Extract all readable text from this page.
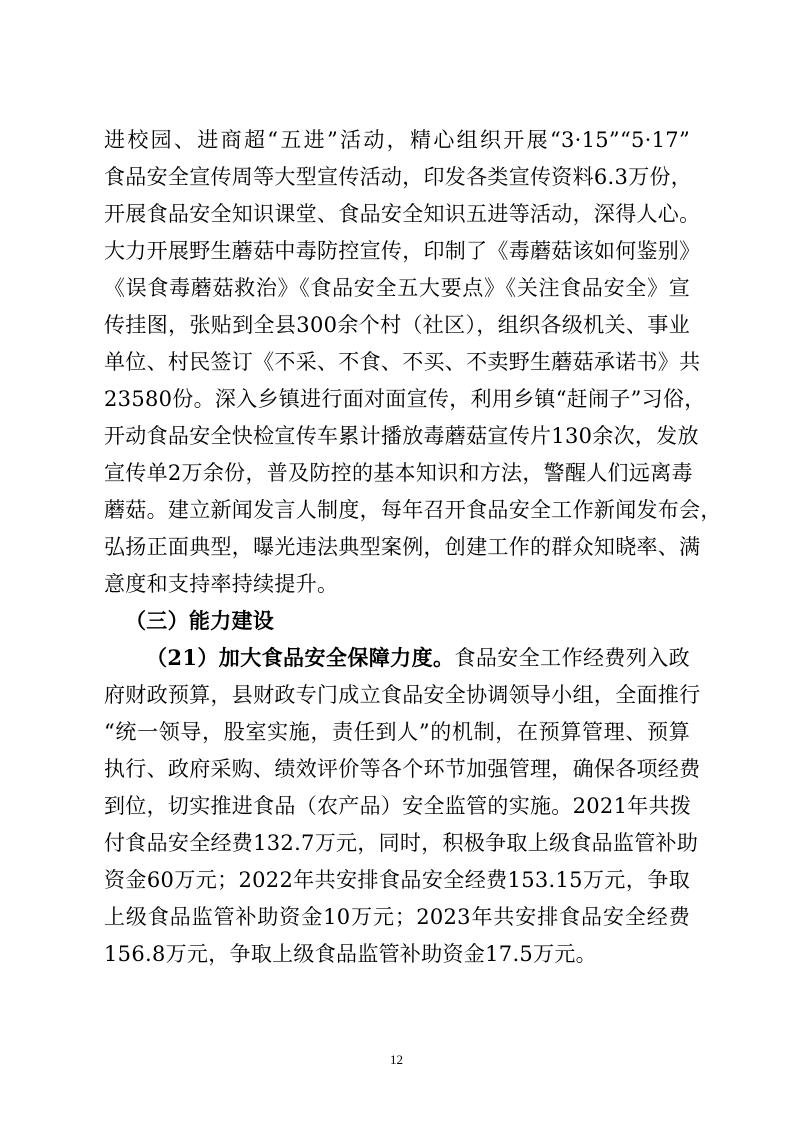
进校园、进商超“五进”活动，精心组织开展“3·15”“5·17”
食品安全宣传周等大型宣传活动，印发各类宣传资料6.3万份，
开展食品安全知识课堂、食品安全知识五进等活动，深得人心。
大力开展野生蘑菇中毒防控宣传，印制了《毒蘑菇该如何鉴别》
《误食毒蘑菇救治》《食品安全五大要点》《关注食品安全》宣
传挂图，张贴到全县300余个村（社区），组织各级机关、事业
单位、村民签订《不采、不食、不买、不卖野生蘑菇承诺书》共
23580份。深入乡镇进行面对面宣传，利用乡镇“赶闹子”习俗，
开动食品安全快检宣传车累计播放毒蘑菇宣传片130余次，发放
宣传单2万余份，普及防控的基本知识和方法，警醒人们远离毒
蘑菇。建立新闻发言人制度，每年召开食品安全工作新闻发布会，
弘扬正面典型，曝光违法典型案例，创建工作的群众知晓率、满
意度和支持率持续提升。
（三）能力建设
（21）加大食品安全保障力度。食品安全工作经费列入政
府财政预算，县财政专门成立食品安全协调领导小组，全面推行
“统一领导，股室实施，责任到人”的机制，在预算管理、预算
执行、政府采购、绩效评价等各个环节加强管理，确保各项经费
到位，切实推进食品（农产品）安全监管的实施。2021年共拨
付食品安全经费132.7万元，同时，积极争取上级食品监管补助
资金60万元；2022年共安排食品安全经费153.15万元，争取
上级食品监管补助资金10万元；2023年共安排食品安全经费
156.8万元，争取上级食品监管补助资金17.5万元。
12
